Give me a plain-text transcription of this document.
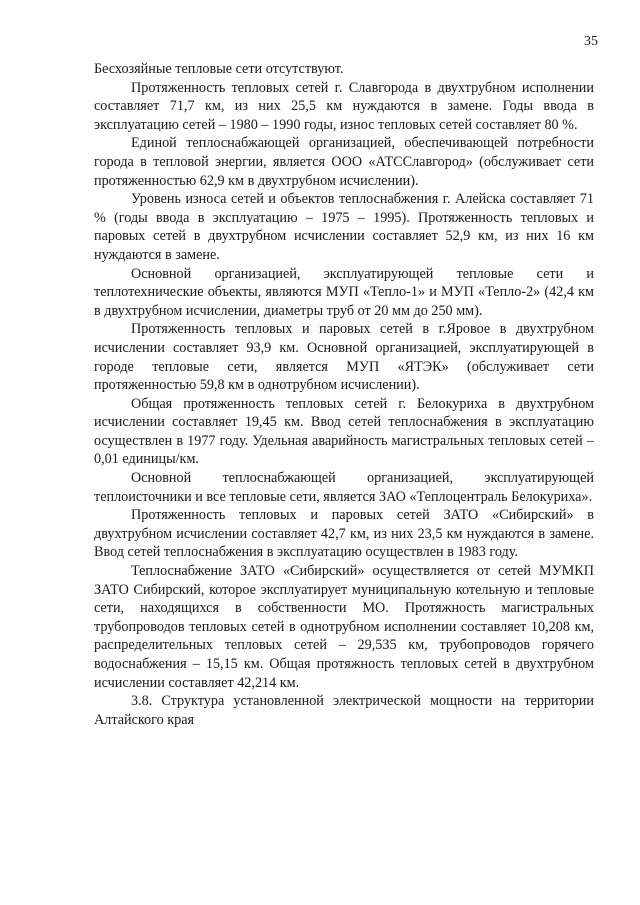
35

Бесхозяйные тепловые сети отсутствуют.

Протяженность тепловых сетей г. Славгорода в двухтрубном исполнении составляет 71,7 км, из них 25,5 км нуждаются в замене. Годы ввода в эксплуатацию сетей – 1980 – 1990 годы, износ тепловых сетей составляет 80 %.

Единой теплоснабжающей организацией, обеспечивающей потребности города в тепловой энергии, является ООО «АТССлавгород» (обслуживает сети протяженностью 62,9 км в двухтрубном исчислении).

Уровень износа сетей и объектов теплоснабжения г. Алейска составляет 71 % (годы ввода в эксплуатацию – 1975 – 1995). Протяженность тепловых и паровых сетей в двухтрубном исчислении составляет 52,9 км, из них 16 км нуждаются в замене.

Основной организацией, эксплуатирующей тепловые сети и теплотехнические объекты, являются МУП «Тепло-1» и МУП «Тепло-2» (42,4 км в двухтрубном исчислении, диаметры труб от 20 мм до 250 мм).

Протяженность тепловых и паровых сетей в г.Яровое в двухтрубном исчислении составляет 93,9 км. Основной организацией, эксплуатирующей в городе тепловые сети, является МУП «ЯТЭК» (обслуживает сети протяженностью 59,8 км в однотрубном исчислении).

Общая протяженность тепловых сетей г. Белокуриха в двухтрубном исчислении составляет 19,45 км. Ввод сетей теплоснабжения в эксплуатацию осуществлен в 1977 году. Удельная аварийность магистральных тепловых сетей – 0,01 единицы/км.

Основной теплоснабжающей организацией, эксплуатирующей теплоисточники и все тепловые сети, является ЗАО «Теплоцентраль Белокуриха».

Протяженность тепловых и паровых сетей ЗАТО «Сибирский» в двухтрубном исчислении составляет 42,7 км, из них 23,5 км нуждаются в замене. Ввод сетей теплоснабжения в эксплуатацию осуществлен в 1983 году.

Теплоснабжение ЗАТО «Сибирский» осуществляется от сетей МУМКП ЗАТО Сибирский, которое эксплуатирует муниципальную котельную и тепловые сети, находящихся в собственности МО. Протяжность магистральных трубопроводов тепловых сетей в однотрубном исполнении составляет 10,208 км, распределительных тепловых сетей – 29,535 км, трубопроводов горячего водоснабжения – 15,15 км. Общая протяжность тепловых сетей в двухтрубном исчислении составляет 42,214 км.

3.8. Структура установленной электрической мощности на территории Алтайского края
